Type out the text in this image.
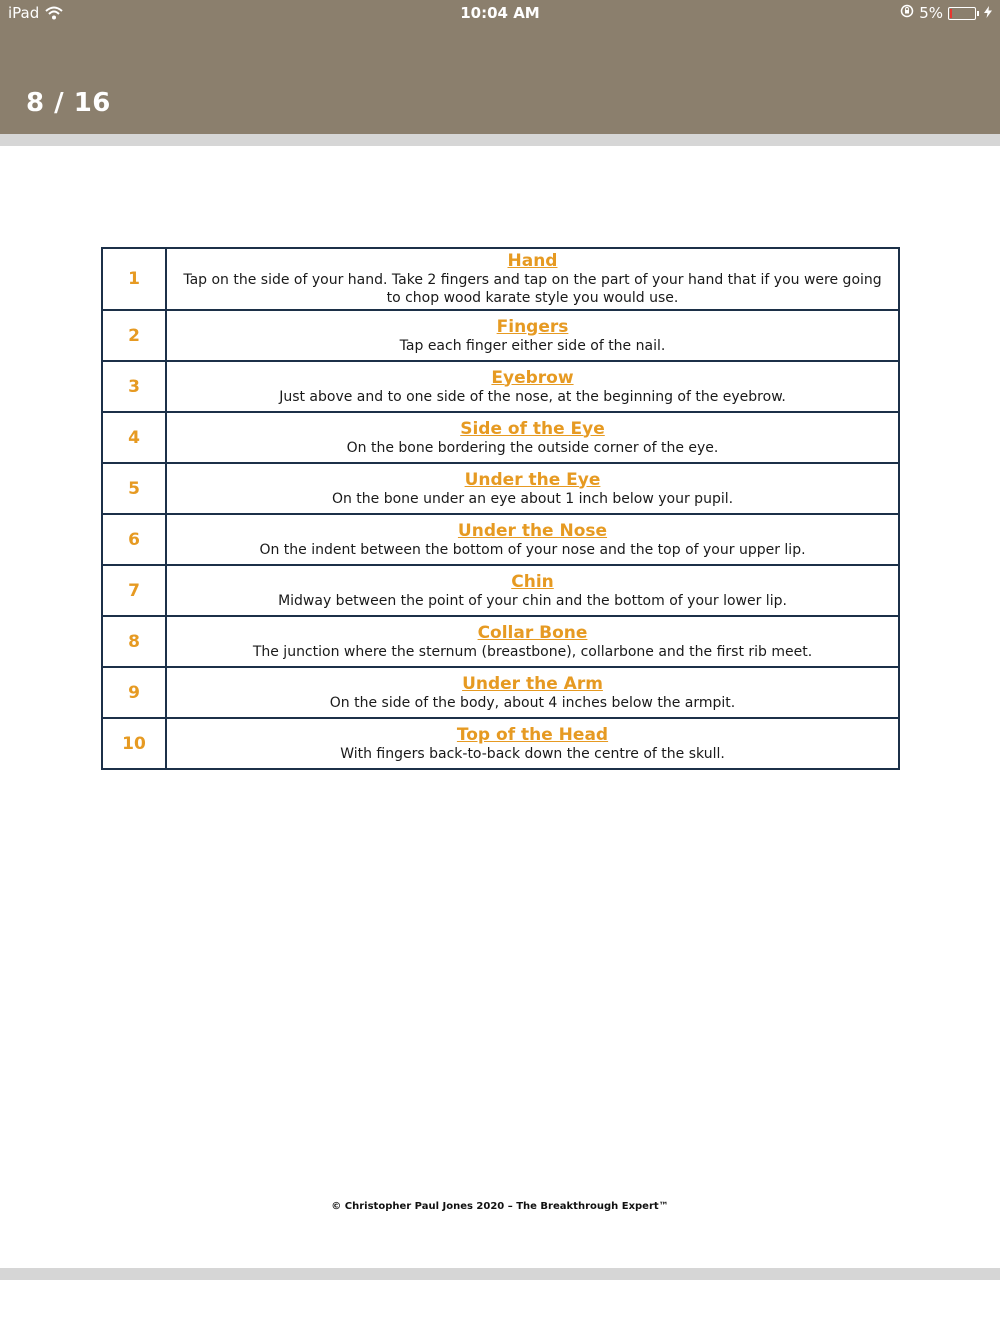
iPad	10:04 AM	5%
8 / 16
1	Hand
Tap on the side of your hand. Take 2 fingers and tap on the part of your hand that if you were going to chop wood karate style you would use.

2	Fingers
Tap each finger either side of the nail.

3	Eyebrow
Just above and to one side of the nose, at the beginning of the eyebrow.

4	Side of the Eye
On the bone bordering the outside corner of the eye.

5	Under the Eye
On the bone under an eye about 1 inch below your pupil.

6	Under the Nose
On the indent between the bottom of your nose and the top of your upper lip.

7	Chin
Midway between the point of your chin and the bottom of your lower lip.

8	Collar Bone
The junction where the sternum (breastbone), collarbone and the first rib meet.

9	Under the Arm
On the side of the body, about 4 inches below the armpit.

10	Top of the Head
With fingers back-to-back down the centre of the skull.
© Christopher Paul Jones 2020 – The Breakthrough Expert™
